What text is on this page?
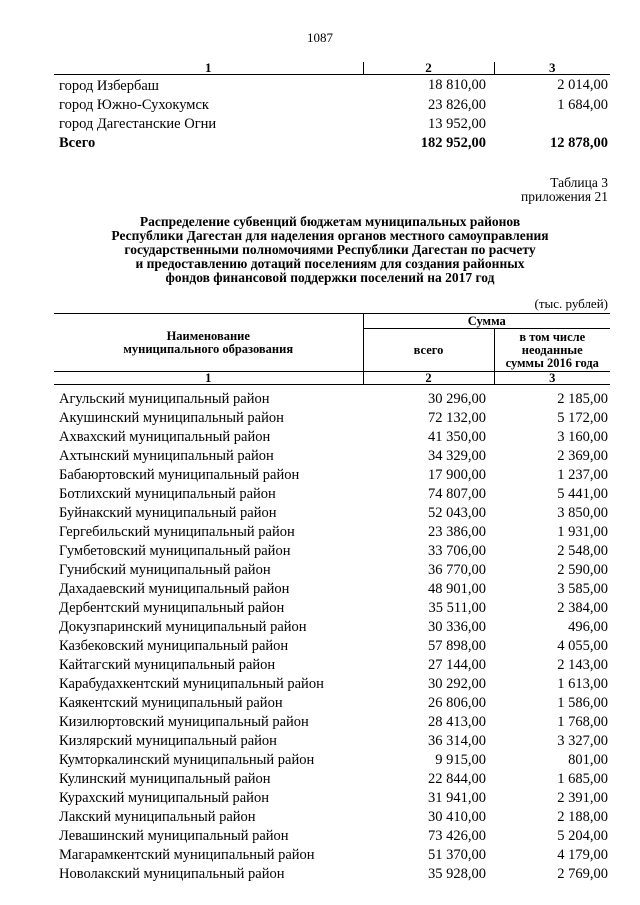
1087
1	2	3
город Избербаш	18 810,00	2 014,00
город Южно-Сухокумск	23 826,00	1 684,00
город Дагестанские Огни	13 952,00	
Всего	182 952,00	12 878,00
Таблица 3
приложения 21
Распределение субвенций бюджетам муниципальных районов
Республики Дагестан для наделения органов местного самоуправления
государственными полномочиями Республики Дагестан по расчету
и предоставлению дотаций поселениям для создания районных
фондов финансовой поддержки поселений на 2017 год
(тыс. рублей)
Наименование
муниципального образования	Сумма	
	всего	в том числе
неоданные
суммы 2016 года

1	2	3
Агульский муниципальный район	30 296,00	2 185,00
Акушинский муниципальный район	72 132,00	5 172,00
Ахвахский муниципальный район	41 350,00	3 160,00
Ахтынский муниципальный район	34 329,00	2 369,00
Бабаюртовский муниципальный район	17 900,00	1 237,00
Ботлихский муниципальный район	74 807,00	5 441,00
Буйнакский муниципальный район	52 043,00	3 850,00
Гергебильский муниципальный район	23 386,00	1 931,00
Гумбетовский муниципальный район	33 706,00	2 548,00
Гунибский муниципальный район	36 770,00	2 590,00
Дахадаевский муниципальный район	48 901,00	3 585,00
Дербентский муниципальный район	35 511,00	2 384,00
Докузпаринский муниципальный район	30 336,00	496,00
Казбековский муниципальный район	57 898,00	4 055,00
Кайтагский муниципальный район	27 144,00	2 143,00
Карабудахкентский муниципальный район	30 292,00	1 613,00
Каякентский муниципальный район	26 806,00	1 586,00
Кизилюртовский муниципальный район	28 413,00	1 768,00
Кизлярский муниципальный район	36 314,00	3 327,00
Кумторкалинский муниципальный район	9 915,00	801,00
Кулинский муниципальный район	22 844,00	1 685,00
Курахский муниципальный район	31 941,00	2 391,00
Лакский муниципальный район	30 410,00	2 188,00
Левашинский муниципальный район	73 426,00	5 204,00
Магарамкентский муниципальный район	51 370,00	4 179,00
Новолакский муниципальный район	35 928,00	2 769,00
